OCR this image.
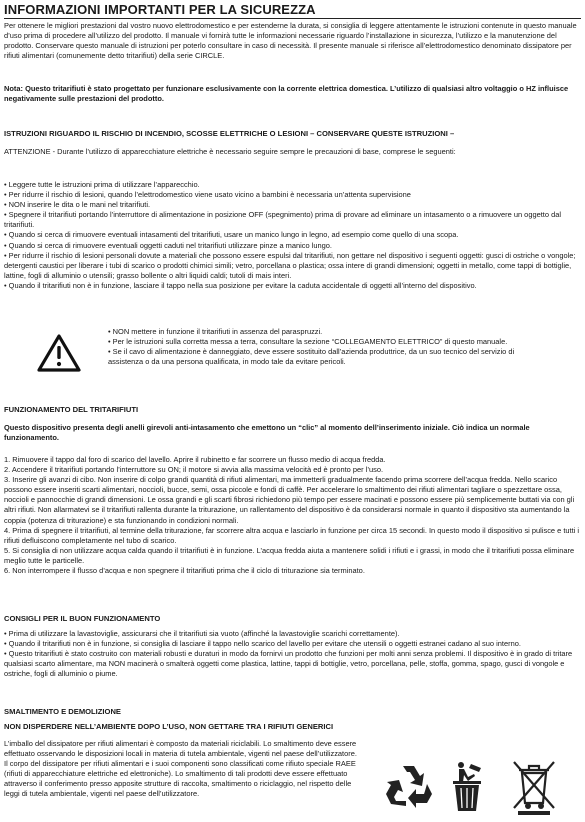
INFORMAZIONI IMPORTANTI PER LA SICUREZZA

Per ottenere le migliori prestazioni dal vostro nuovo elettrodomestico e per estenderne la durata, si consiglia di leggere attentamente le istruzioni contenute in questo manuale d’uso prima di procedere all’utilizzo del prodotto. Il manuale vi fornirà tutte le informazioni necessarie riguardo l’installazione in sicurezza, l’utilizzo e la manutenzione del prodotto. Conservare questo manuale di istruzioni per poterlo consultare in caso di necessità. Il presente manuale si riferisce all’elettrodomestico denominato dissipatore per rifiuti alimentari (comunemente detto tritarifiuti) della serie CIRCLE.

Nota: Questo tritarifiuti è stato progettato per funzionare esclusivamente con la corrente elettrica domestica. L’utilizzo di qualsiasi altro voltaggio o HZ influisce negativamente sulle prestazioni del prodotto.

ISTRUZIONI RIGUARDO IL RISCHIO DI INCENDIO, SCOSSE ELETTRICHE O LESIONI – CONSERVARE QUESTE ISTRUZIONI –

ATTENZIONE - Durante l’utilizzo di apparecchiature elettriche è necessario seguire sempre le precauzioni di base, compresе le seguenti:

• Leggere tutte le istruzioni prima di utilizzare l’apparecchio.

• Per ridurre il rischio di lesioni, quando l’elettrodomestico viene usato vicino a bambini è necessaria un’attenta supervisione

• NON inserire le dita o le mani nel tritarifiuti.

• Spegnere il tritarifiuti portando l’interruttore di alimentazione in posizione OFF (spegnimento) prima di provare ad eliminare un intasamento o a rimuovere un oggetto dal tritarifiuti.

• Quando si cerca di rimuovere eventuali intasamenti del tritarifiuti, usare un manico lungo in legno, ad esempio come quello di una scopa.

• Quando si cerca di rimuovere eventuali oggetti caduti nel tritarifiuti utilizzare pinze a manico lungo.

• Per ridurre il rischio di lesioni personali dovute a materiali che possono essere espulsi dal tritarifiuti, non gettare nel dispositivo i seguenti oggetti: gusci di ostriche o vongole; detergenti caustici per liberare i tubi di scarico o prodotti chimici simili; vetro, porcellana o plastica; ossa intere di grandi dimensioni; oggetti in metallo, come tappi di bottiglie, lattine, fogli di alluminio o utensili; grasso bollente o altri liquidi caldi; tutoli di mais interi.

• Quando il tritarifiuti non è in funzione, lasciare il tappo nella sua posizione per evitare la caduta accidentale di oggetti all’interno del dispositivo.

• NON mettere in funzione il tritarifiuti in assenza del paraspruzzi.

• Per le istruzioni sulla corretta messa a terra, consultare la sezione “COLLEGAMENTO ELETTRICO” di questo manuale.

• Se il cavo di alimentazione è danneggiato, deve essere sostituito dall’azienda produttrice, da un suo tecnico del servizio di assistenza o da una persona qualificata, in modo tale da evitare pericoli.

FUNZIONAMENTO DEL TRITARIFIUTI

Questo dispositivo presenta degli anelli girevoli anti-intasamento che emettono un “clic” al momento dell’inserimento iniziale. Ciò indica un normale funzionamento.

1. Rimuovere il tappo dal foro di scarico del lavello. Aprire il rubinetto e far scorrere un flusso medio di acqua fredda.

2. Accendere il tritarifiuti portando l’interruttore su ON; il motore si avvia alla massima velocità ed è pronto per l’uso.

3. Inserire gli avanzi di cibo. Non inserire di colpo grandi quantità di rifiuti alimentari, ma immetterli gradualmente facendo prima scorrere dell’acqua fredda. Nello scarico possono essere inseriti scarti alimentari, noccioli, bucce, semi, ossa piccole e fondi di caffè. Per accelerare lo smaltimento dei rifiuti alimentari tagliare o spezzettare ossa, noccioli e pannocchie di grandi dimensioni. Le ossa grandi e gli scarti fibrosi richiedono più tempo per essere macinati e possono essere più semplicemente buttati via con gli altri rifiuti. Non allarmatevi se il tritarifiuti rallenta durante la triturazione, un rallentamento del dispositivo è da considerarsi normale in quanto il dispositivo sta aumentando la coppia (potenza di triturazione) e sta funzionando in condizioni normali.

4. Prima di spegnere il tritarifiuti, al termine della triturazione, far scorrere altra acqua e lasciarlo in funzione per circa 15 secondi. In questo modo il dispositivo si pulisce e tutti i rifiuti defluiscono completamente nel tubo di scarico.

5. Si consiglia di non utilizzare acqua calda quando il tritarifiuti è in funzione. L’acqua fredda aiuta a mantenere solidi i rifiuti e i grassi, in modo che il tritarifiuti possa eliminare meglio tutte le particelle.

6. Non interrompere il flusso d’acqua e non spegnere il tritarifiuti prima che il ciclo di triturazione sia terminato.

CONSIGLI PER IL BUON FUNZIONAMENTO

• Prima di utilizzare la lavastoviglie, assicurarsi che il tritarifiuti sia vuoto (affinché la lavastoviglie scarichi correttamente).

• Quando il tritarifiuti non è in funzione, si consiglia di lasciare il tappo nello scarico del lavello per evitare che utensili o oggetti estranei cadano al suo interno.

• Questo tritarifiuti è stato costruito con materiali robusti e duraturi in modo da fornirvi un prodotto che funzioni per molti anni senza problemi. Il dispositivo è in grado di tritare qualsiasi scarto alimentare, ma NON macinerà o smalterà oggetti come plastica, lattine, tappi di bottiglie, vetro, porcellana, pelle, stoffa, gomma, spago, gusci di vongole e ostriche, fogli di alluminio o piume.

SMALTIMENTO E DEMOLIZIONE
NON DISPERDERE NELL’AMBIENTE DOPO L’USO, NON GETTARE TRA I RIFIUTI GENERICI

L’imballo del dissipatore per rifiuti alimentari è composto da materiali riciclabili. Lo smaltimento deve essere effettuato osservando le disposizioni locali in materia di tutela ambientale, vigenti nel paese dell’utilizzatore. Il corpo del dissipatore per rifiuti alimentari e i suoi componenti sono classificati come rifiuto speciale RAEE (rifiuti di apparecchiature elettriche ed elettroniche). Lo smaltimento di tali prodotti deve essere effettuato attraverso il conferimento presso apposite strutture di raccolta, smaltimento o riciclaggio, nel rispetto delle leggi di tutela ambientale, vigenti nel paese dell’utilizzatore.
